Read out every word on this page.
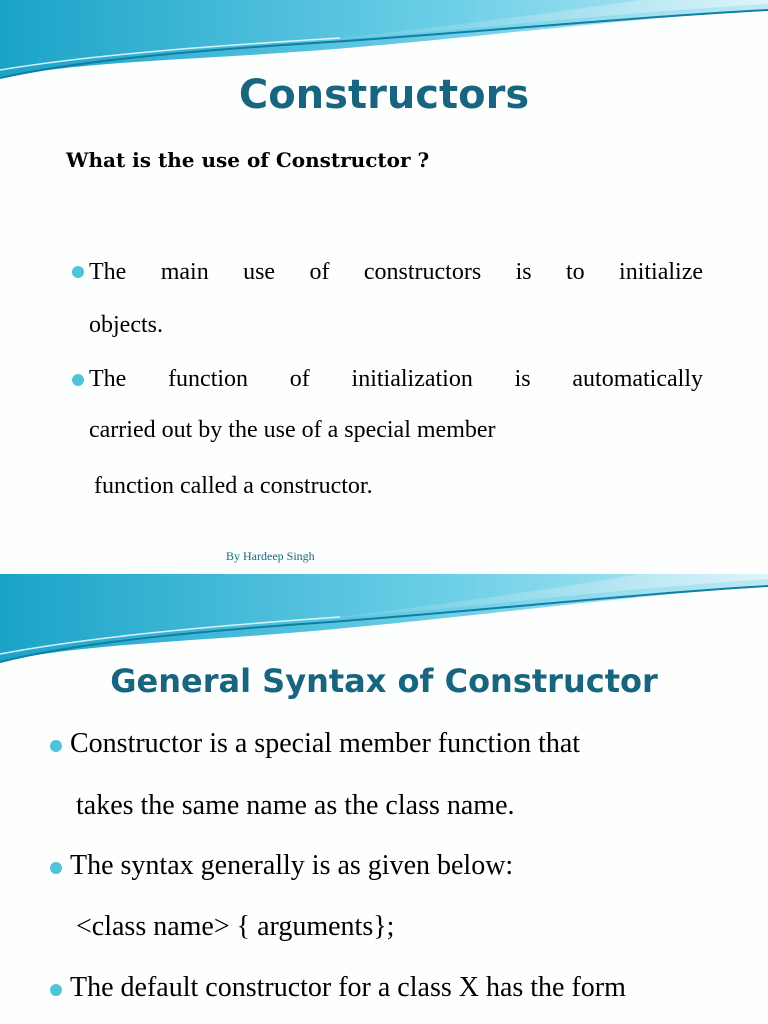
Constructors

What is the use of Constructor ?

The main use of constructors is to initialize

objects.

The function of initialization is automatically

carried out by the use of a special member

function called a constructor.

By Hardeep Singh

General Syntax of Constructor

Constructor is a special member function that

takes the same name as the class name.

The syntax generally is as given below:

<class name> { arguments};

The default constructor for a class X has the form
